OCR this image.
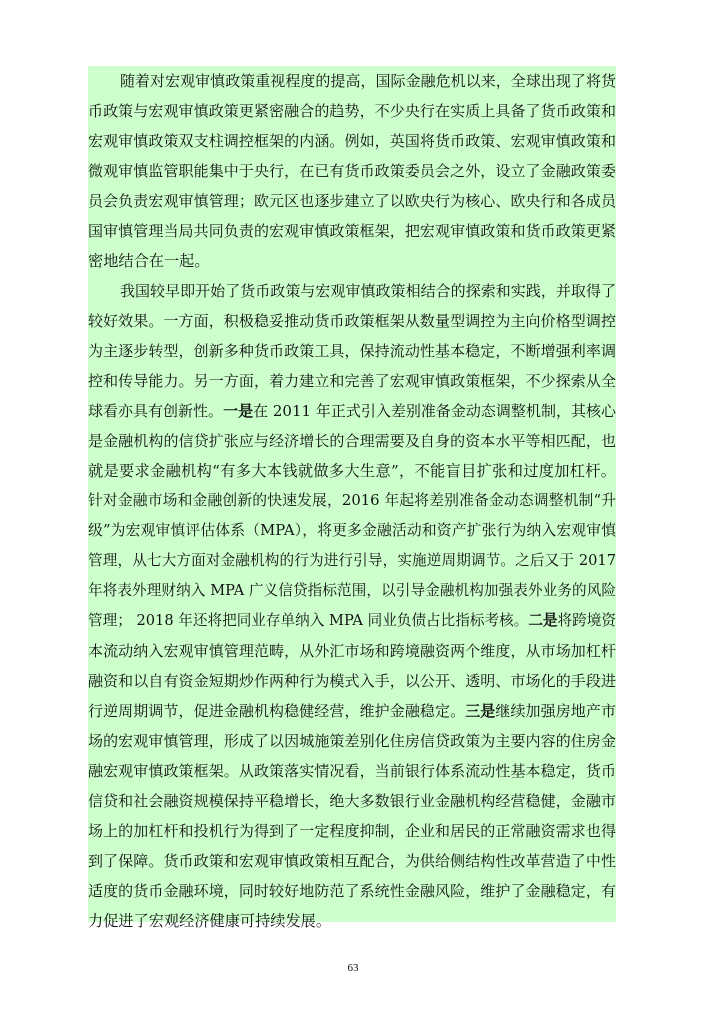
随着对宏观审慎政策重视程度的提高，国际金融危机以来，全球出现了将货
币政策与宏观审慎政策更紧密融合的趋势，不少央行在实质上具备了货币政策和
宏观审慎政策双支柱调控框架的内涵。例如，英国将货币政策、宏观审慎政策和
微观审慎监管职能集中于央行，在已有货币政策委员会之外，设立了金融政策委
员会负责宏观审慎管理；欧元区也逐步建立了以欧央行为核心、欧央行和各成员
国审慎管理当局共同负责的宏观审慎政策框架，把宏观审慎政策和货币政策更紧
密地结合在一起。
我国较早即开始了货币政策与宏观审慎政策相结合的探索和实践，并取得了
较好效果。一方面，积极稳妥推动货币政策框架从数量型调控为主向价格型调控
为主逐步转型，创新多种货币政策工具，保持流动性基本稳定，不断增强利率调
控和传导能力。另一方面，着力建立和完善了宏观审慎政策框架，不少探索从全
球看亦具有创新性。一是在 2011 年正式引入差别准备金动态调整机制，其核心
是金融机构的信贷扩张应与经济增长的合理需要及自身的资本水平等相匹配，也
就是要求金融机构“有多大本钱就做多大生意”，不能盲目扩张和过度加杠杆。
针对金融市场和金融创新的快速发展，2016 年起将差别准备金动态调整机制“升
级”为宏观审慎评估体系（MPA），将更多金融活动和资产扩张行为纳入宏观审慎
管理，从七大方面对金融机构的行为进行引导，实施逆周期调节。之后又于 2017
年将表外理财纳入 MPA 广义信贷指标范围，以引导金融机构加强表外业务的风险
管理； 2018 年还将把同业存单纳入 MPA 同业负债占比指标考核。二是将跨境资
本流动纳入宏观审慎管理范畴，从外汇市场和跨境融资两个维度，从市场加杠杆
融资和以自有资金短期炒作两种行为模式入手，以公开、透明、市场化的手段进
行逆周期调节，促进金融机构稳健经营，维护金融稳定。三是继续加强房地产市
场的宏观审慎管理，形成了以因城施策差别化住房信贷政策为主要内容的住房金
融宏观审慎政策框架。从政策落实情况看，当前银行体系流动性基本稳定，货币
信贷和社会融资规模保持平稳增长，绝大多数银行业金融机构经营稳健，金融市
场上的加杠杆和投机行为得到了一定程度抑制，企业和居民的正常融资需求也得
到了保障。货币政策和宏观审慎政策相互配合，为供给侧结构性改革营造了中性
适度的货币金融环境，同时较好地防范了系统性金融风险，维护了金融稳定，有
力促进了宏观经济健康可持续发展。
63
